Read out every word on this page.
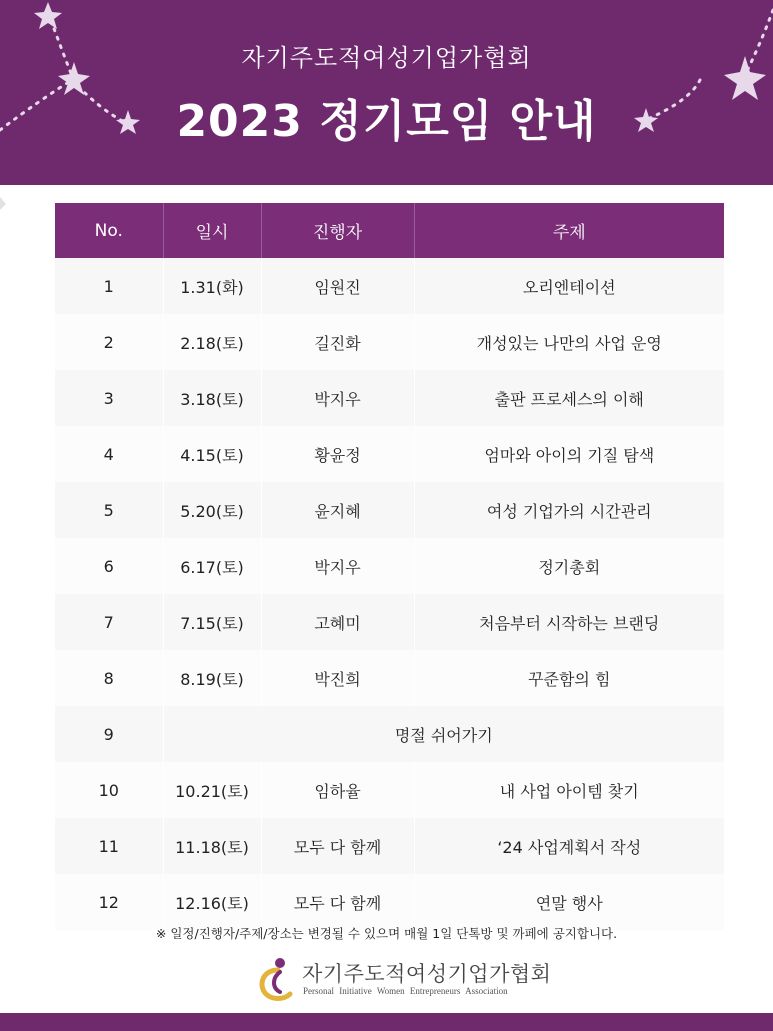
자기주도적여성기업가협회
2023 정기모임 안내
No.	일시	진행자	주제
1	1.31(화)	임원진	오리엔테이션
2	2.18(토)	길진화	개성있는 나만의 사업 운영
3	3.18(토)	박지우	출판 프로세스의 이해
4	4.15(토)	황윤정	엄마와 아이의 기질 탐색
5	5.20(토)	윤지혜	여성 기업가의 시간관리
6	6.17(토)	박지우	정기총회
7	7.15(토)	고혜미	처음부터 시작하는 브랜딩
8	8.19(토)	박진희	꾸준함의 힘
9	명절 쉬어가기		
10	10.21(토)	임하율	내 사업 아이템 찾기
11	11.18(토)	모두 다 함께	‘24 사업계획서 작성
12	12.16(토)	모두 다 함께	연말 행사
※ 일정/진행자/주제/장소는 변경될 수 있으며 매월 1일 단톡방 및 까페에 공지합니다.
자기주도적여성기업가협회
Personal Initiative Women Entrepreneurs Association
